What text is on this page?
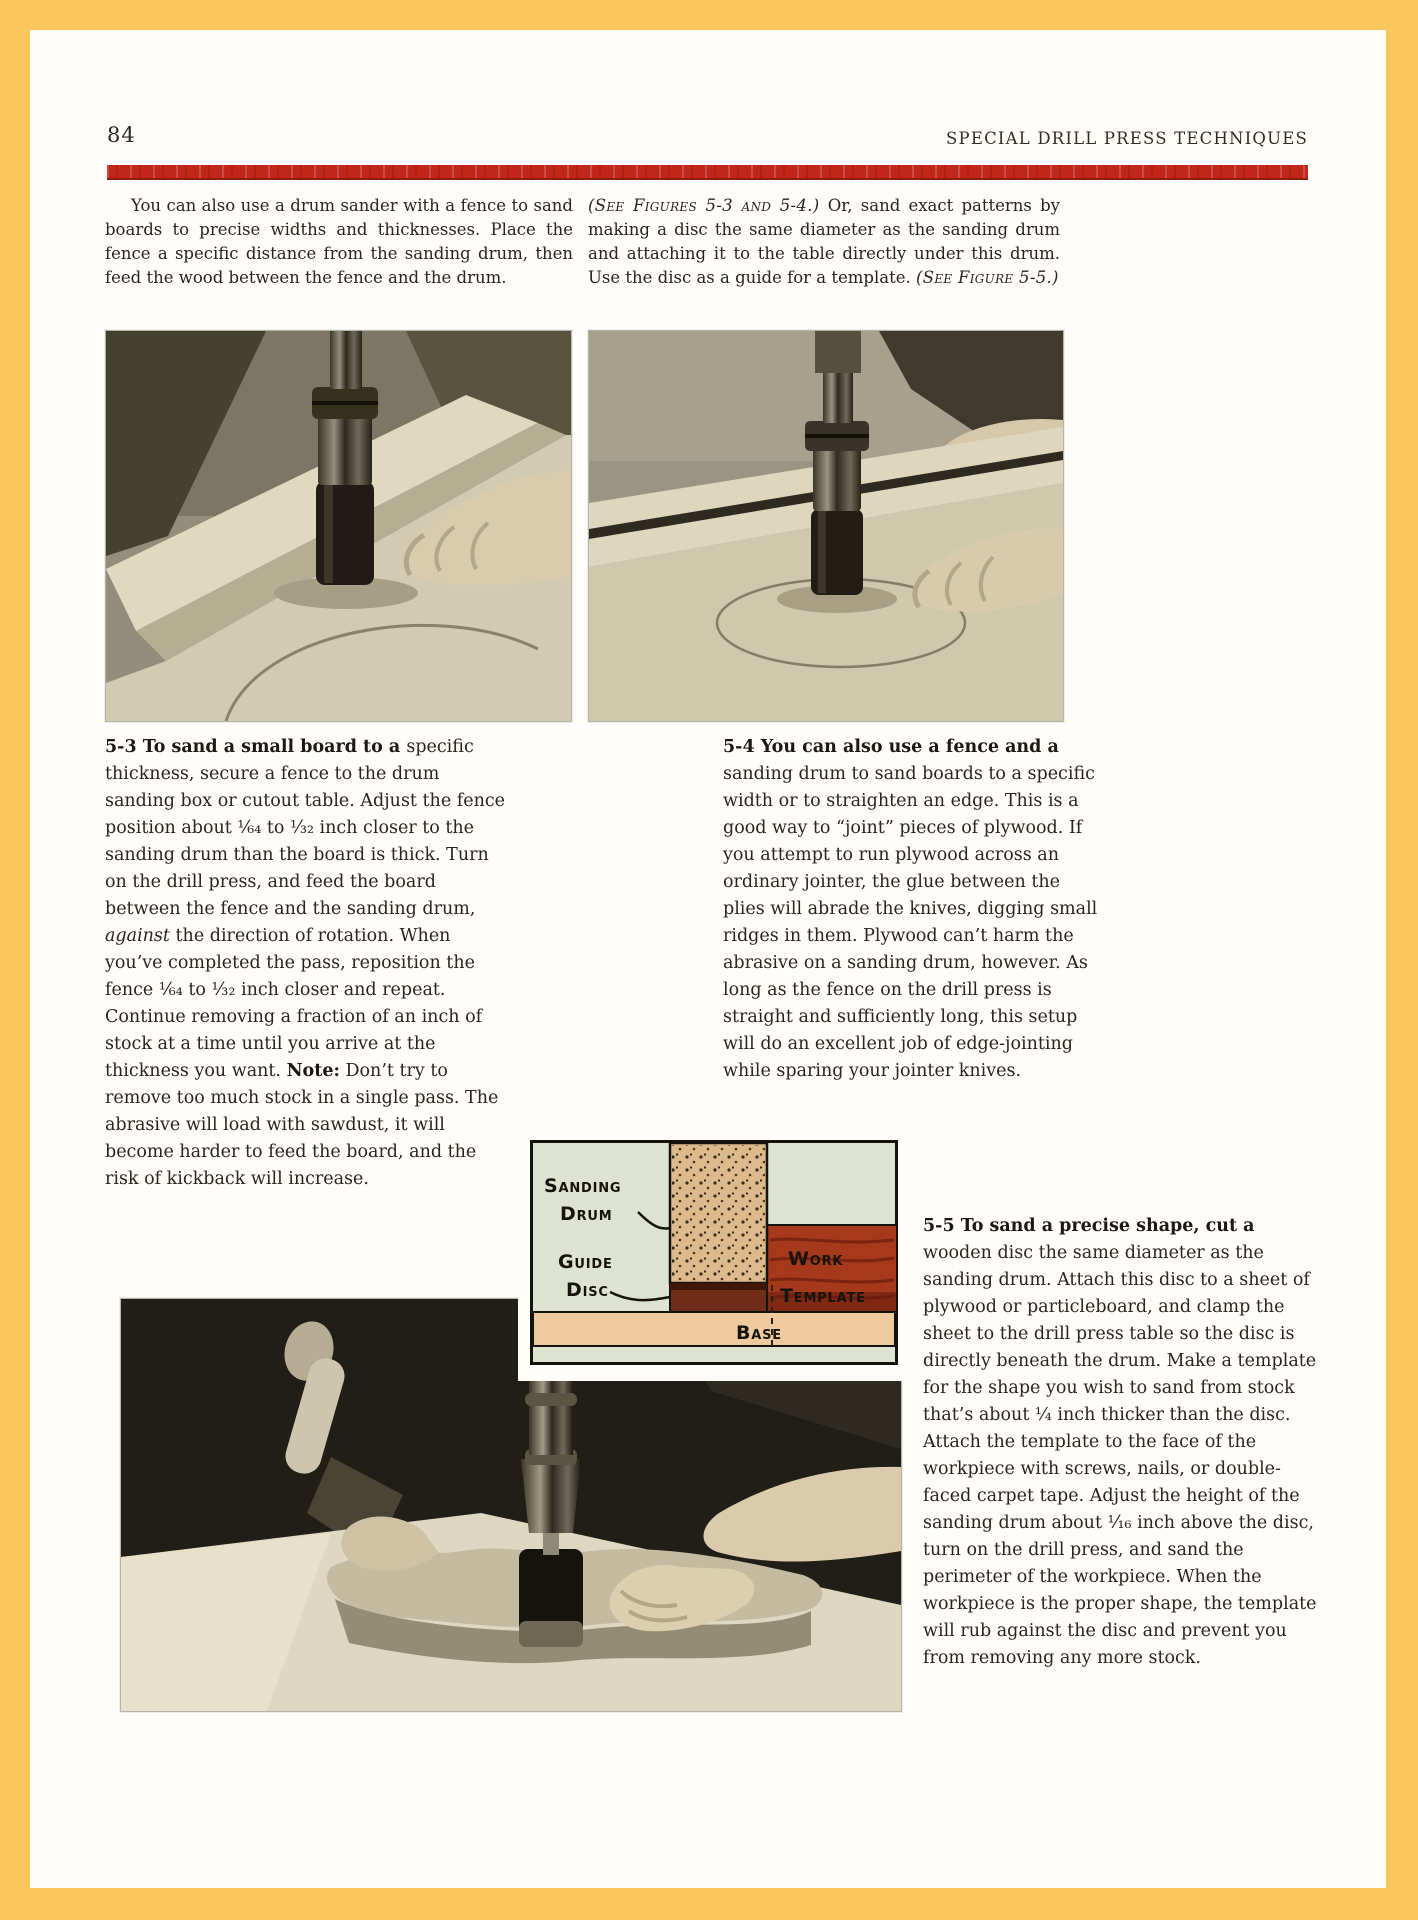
84	SPECIAL DRILL PRESS TECHNIQUES

You can also use a drum sander with a fence to sand boards to precise widths and thicknesses. Place the fence a specific distance from the sanding drum, then feed the wood between the fence and the drum.

(See Figures 5-3 and 5-4.) Or, sand exact patterns by making a disc the same diameter as the sanding drum and attaching it to the table directly under this drum. Use the disc as a guide for a template. (See Figure 5-5.)

5-3 To sand a small board to a specific thickness, secure a fence to the drum sanding box or cutout table. Adjust the fence position about ¹⁄₆₄ to ¹⁄₃₂ inch closer to the sanding drum than the board is thick. Turn on the drill press, and feed the board between the fence and the sanding drum, against the direction of rotation. When you’ve completed the pass, reposition the fence ¹⁄₆₄ to ¹⁄₃₂ inch closer and repeat. Continue removing a fraction of an inch of stock at a time until you arrive at the thickness you want. Note: Don’t try to remove too much stock in a single pass. The abrasive will load with sawdust, it will become harder to feed the board, and the risk of kickback will increase.

5-4 You can also use a fence and a sanding drum to sand boards to a specific width or to straighten an edge. This is a good way to “joint” pieces of plywood. If you attempt to run plywood across an ordinary jointer, the glue between the plies will abrade the knives, digging small ridges in them. Plywood can’t harm the abrasive on a sanding drum, however. As long as the fence on the drill press is straight and sufficiently long, this setup will do an excellent job of edge-jointing while sparing your jointer knives.

Sanding Drum
Guide Disc
Work Template
Base

5-5 To sand a precise shape, cut a wooden disc the same diameter as the sanding drum. Attach this disc to a sheet of plywood or particleboard, and clamp the sheet to the drill press table so the disc is directly beneath the drum. Make a template for the shape you wish to sand from stock that’s about ¼ inch thicker than the disc. Attach the template to the face of the workpiece with screws, nails, or double-faced carpet tape. Adjust the height of the sanding drum about ¹⁄₁₆ inch above the disc, turn on the drill press, and sand the perimeter of the workpiece. When the workpiece is the proper shape, the template will rub against the disc and prevent you from removing any more stock.
